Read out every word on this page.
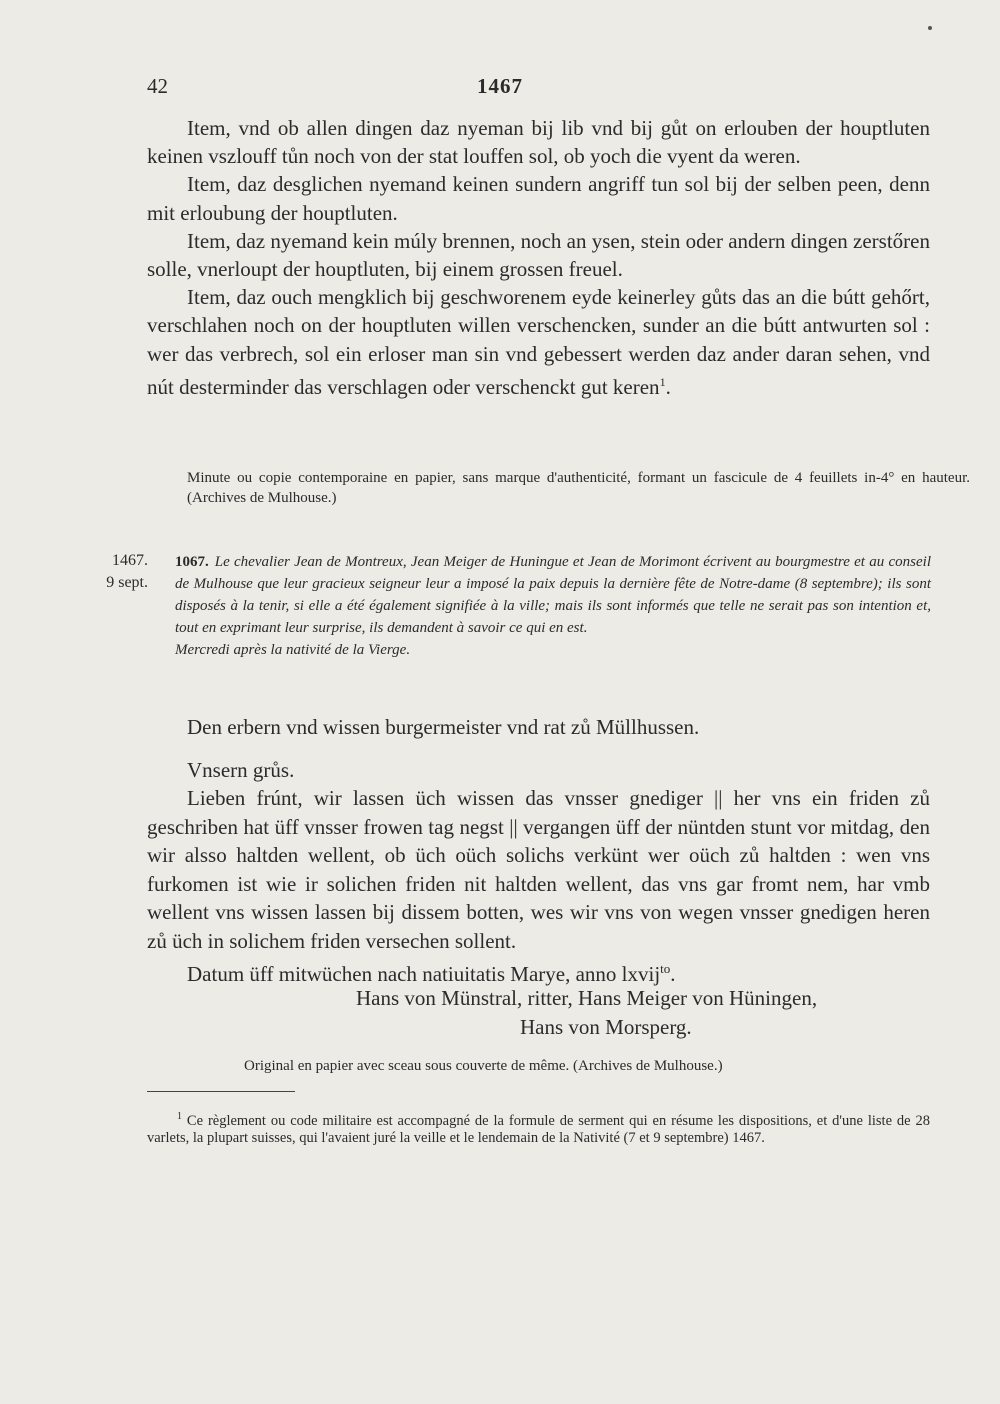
42	1467

Item, vnd ob allen dingen daz nyeman bij lib vnd bij gůt on erlouben der houptluten keinen vszlouff tůn noch von der stat louffen sol, ob yoch die vyent da weren.

Item, daz desglichen nyemand keinen sundern angriff tun sol bij der selben peen, denn mit erloubung der houptluten.

Item, daz nyemand kein múly brennen, noch an ysen, stein oder andern dingen zerstőren solle, vnerloupt der houptluten, bij einem grossen freuel.

Item, daz ouch mengklich bij geschworenem eyde keinerley gůts das an die bútt gehőrt, verschlahen noch on der houptluten willen verschencken, sunder an die bútt antwurten sol : wer das verbrech, sol ein erloser man sin vnd gebessert werden daz ander daran sehen, vnd nút desterminder das verschlagen oder verschenckt gut keren$^1$.

Minute ou copie contemporaine en papier, sans marque d'authenticité, formant un fascicule de 4 feuillets in-4° en hauteur. (Archives de Mulhouse.)
1467.
9 sept.
1067. Le chevalier Jean de Montreux, Jean Meiger de Huningue et Jean de Morimont écrivent au bourgmestre et au conseil de Mulhouse que leur gracieux seigneur leur a imposé la paix depuis la dernière fête de Notre-dame (8 septembre); ils sont disposés à la tenir, si elle a été également signifiée à la ville; mais ils sont informés que telle ne serait pas son intention et, tout en exprimant leur surprise, ils demandent à savoir ce qui en est.
Mercredi après la nativité de la Vierge.

Den erbern vnd wissen burgermeister vnd rat zů Müllhussen.

Vnsern grůs.

Lieben frúnt, wir lassen üch wissen das vnsser gnediger || her vns ein friden zů geschriben hat üff vnsser frowen tag negst || vergangen üff der nüntden stunt vor mitdag, den wir alsso haltden wellent, ob üch oüch solichs verkünt wer oüch zů haltden : wen vns furkomen ist wie ir solichen friden nit haltden wellent, das vns gar fromt nem, har vmb wellent vns wissen lassen bij dissem botten, wes wir vns von wegen vnsser gnedigen heren zů üch in solichem friden versechen sollent.

Datum üff mitwüchen nach natiuitatis Marye, anno lxvij$^{to}$.

Hans von Münstral, ritter, Hans Meiger von Hüningen,
Hans von Morsperg.
Original en papier avec sceau sous couverte de même. (Archives de Mulhouse.)
$^1$ Ce règlement ou code militaire est accompagné de la formule de serment qui en résume les dispositions, et d'une liste de 28 varlets, la plupart suisses, qui l'avaient juré la veille et le lendemain de la Nativité (7 et 9 septembre) 1467.
